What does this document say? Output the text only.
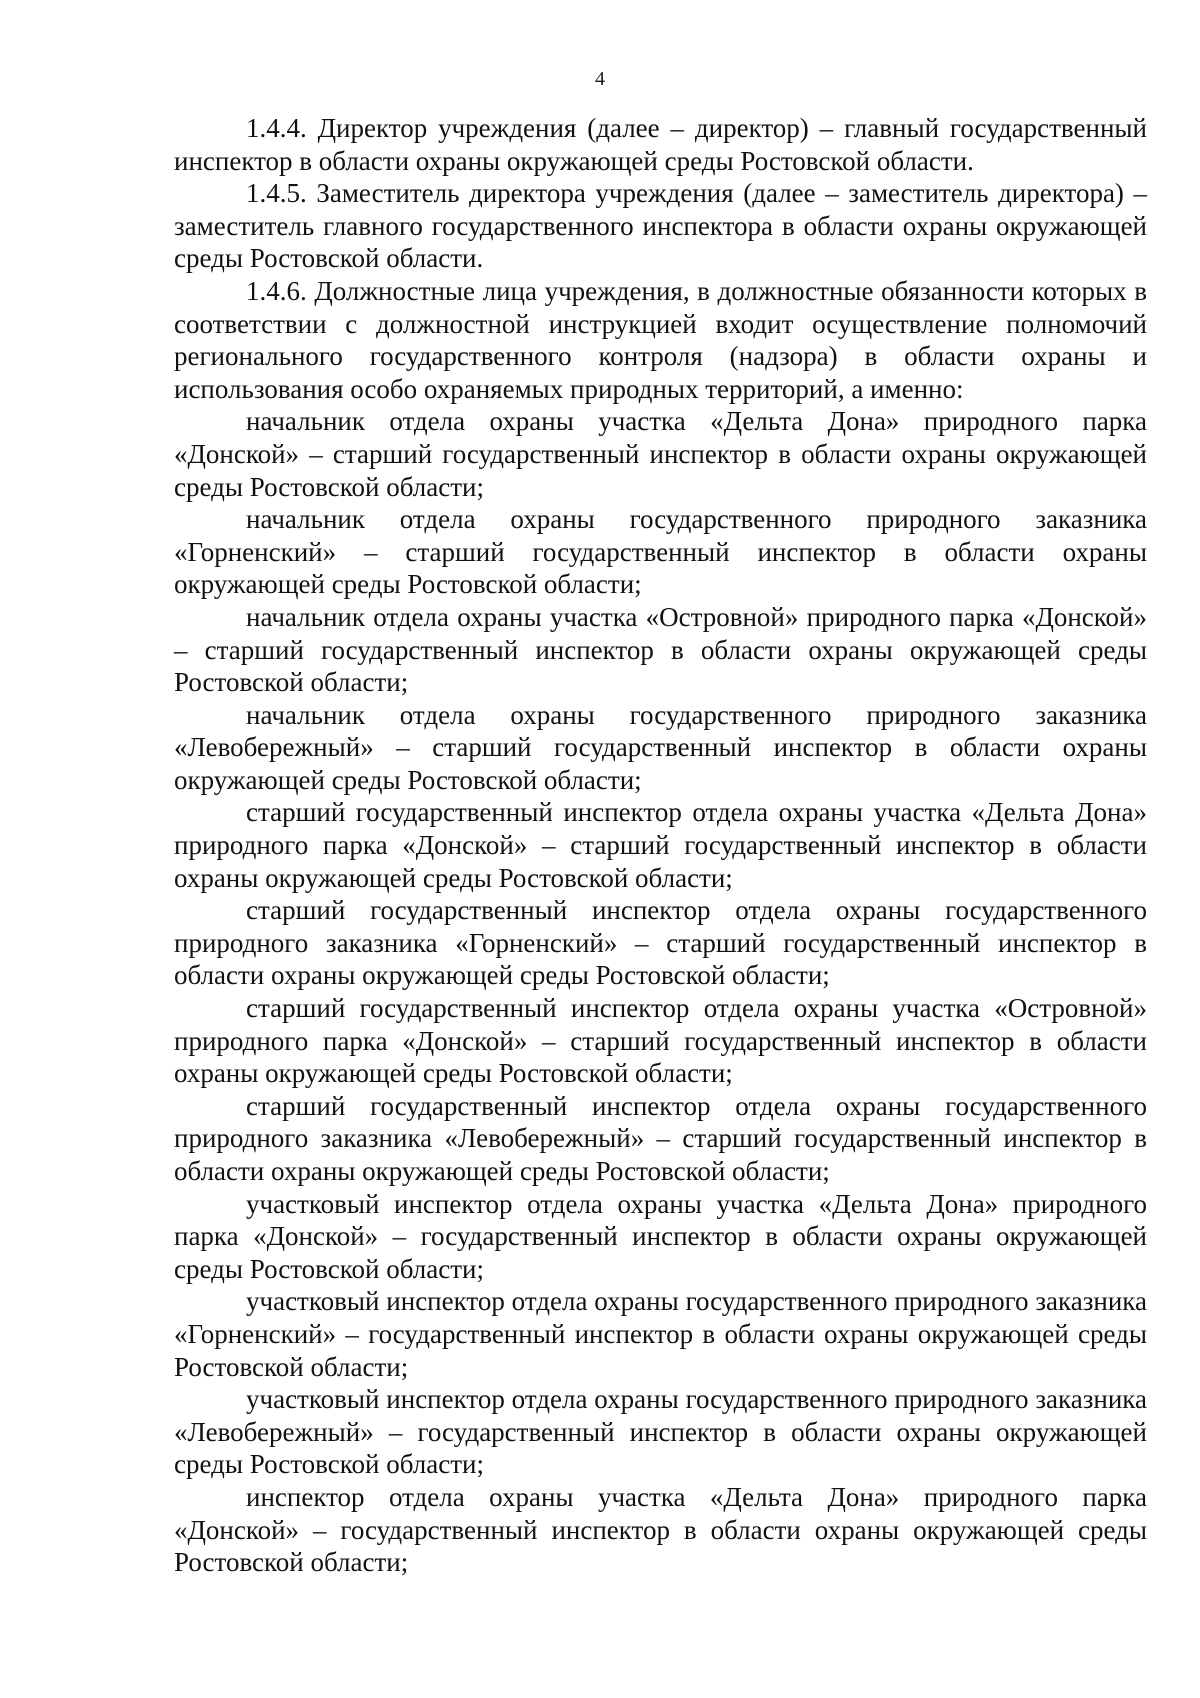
4

1.4.4. Директор учреждения (далее – директор) – главный государственный инспектор в области охраны окружающей среды Ростовской области.

1.4.5. Заместитель директора учреждения (далее – заместитель директора) – заместитель главного государственного инспектора в области охраны окружающей среды Ростовской области.

1.4.6. Должностные лица учреждения, в должностные обязанности которых в соответствии с должностной инструкцией входит осуществление полномочий регионального государственного контроля (надзора) в области охраны и использования особо охраняемых природных территорий, а именно:

начальник отдела охраны участка «Дельта Дона» природного парка «Донской» – старший государственный инспектор в области охраны окружающей среды Ростовской области;

начальник отдела охраны государственного природного заказника «Горненский» – старший государственный инспектор в области охраны окружающей среды Ростовской области;

начальник отдела охраны участка «Островной» природного парка «Донской» – старший государственный инспектор в области охраны окружающей среды Ростовской области;

начальник отдела охраны государственного природного заказника «Левобережный» – старший государственный инспектор в области охраны окружающей среды Ростовской области;

старший государственный инспектор отдела охраны участка «Дельта Дона» природного парка «Донской» – старший государственный инспектор в области охраны окружающей среды Ростовской области;

старший государственный инспектор отдела охраны государственного природного заказника «Горненский» – старший государственный инспектор в области охраны окружающей среды Ростовской области;

старший государственный инспектор отдела охраны участка «Островной» природного парка «Донской» – старший государственный инспектор в области охраны окружающей среды Ростовской области;

старший государственный инспектор отдела охраны государственного природного заказника «Левобережный» – старший государственный инспектор в области охраны окружающей среды Ростовской области;

участковый инспектор отдела охраны участка «Дельта Дона» природного парка «Донской» – государственный инспектор в области охраны окружающей среды Ростовской области;

участковый инспектор отдела охраны государственного природного заказника «Горненский» – государственный инспектор в области охраны окружающей среды Ростовской области;

участковый инспектор отдела охраны государственного природного заказника «Левобережный» – государственный инспектор в области охраны окружающей среды Ростовской области;

инспектор отдела охраны участка «Дельта Дона» природного парка «Донской» – государственный инспектор в области охраны окружающей среды Ростовской области;
